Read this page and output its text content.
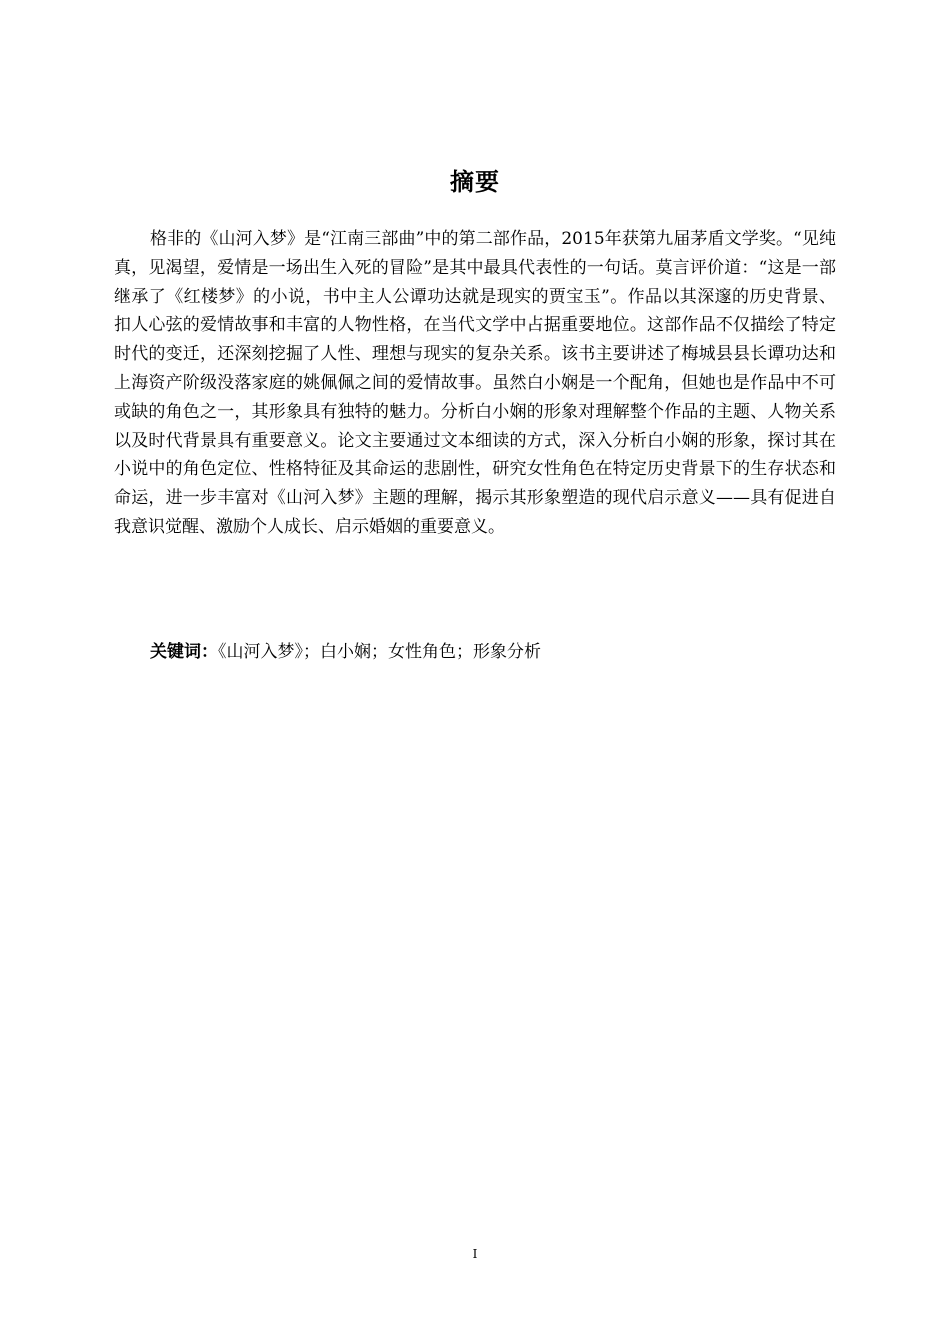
摘要

格非的《山河入梦》是“江南三部曲”中的第二部作品，2015年获第九届茅盾文学奖。“见纯真，见渴望，爱情是一场出生入死的冒险”是其中最具代表性的一句话。莫言评价道：“这是一部继承了《红楼梦》的小说，书中主人公谭功达就是现实的贾宝玉”。作品以其深邃的历史背景、扣人心弦的爱情故事和丰富的人物性格，在当代文学中占据重要地位。这部作品不仅描绘了特定时代的变迁，还深刻挖掘了人性、理想与现实的复杂关系。该书主要讲述了梅城县县长谭功达和上海资产阶级没落家庭的姚佩佩之间的爱情故事。虽然白小娴是一个配角，但她也是作品中不可或缺的角色之一，其形象具有独特的魅力。分析白小娴的形象对理解整个作品的主题、人物关系以及时代背景具有重要意义。论文主要通过文本细读的方式，深入分析白小娴的形象，探讨其在小说中的角色定位、性格特征及其命运的悲剧性，研究女性角色在特定历史背景下的生存状态和命运，进一步丰富对《山河入梦》主题的理解，揭示其形象塑造的现代启示意义——具有促进自我意识觉醒、激励个人成长、启示婚姻的重要意义。

关键词：《山河入梦》；白小娴；女性角色；形象分析

I
